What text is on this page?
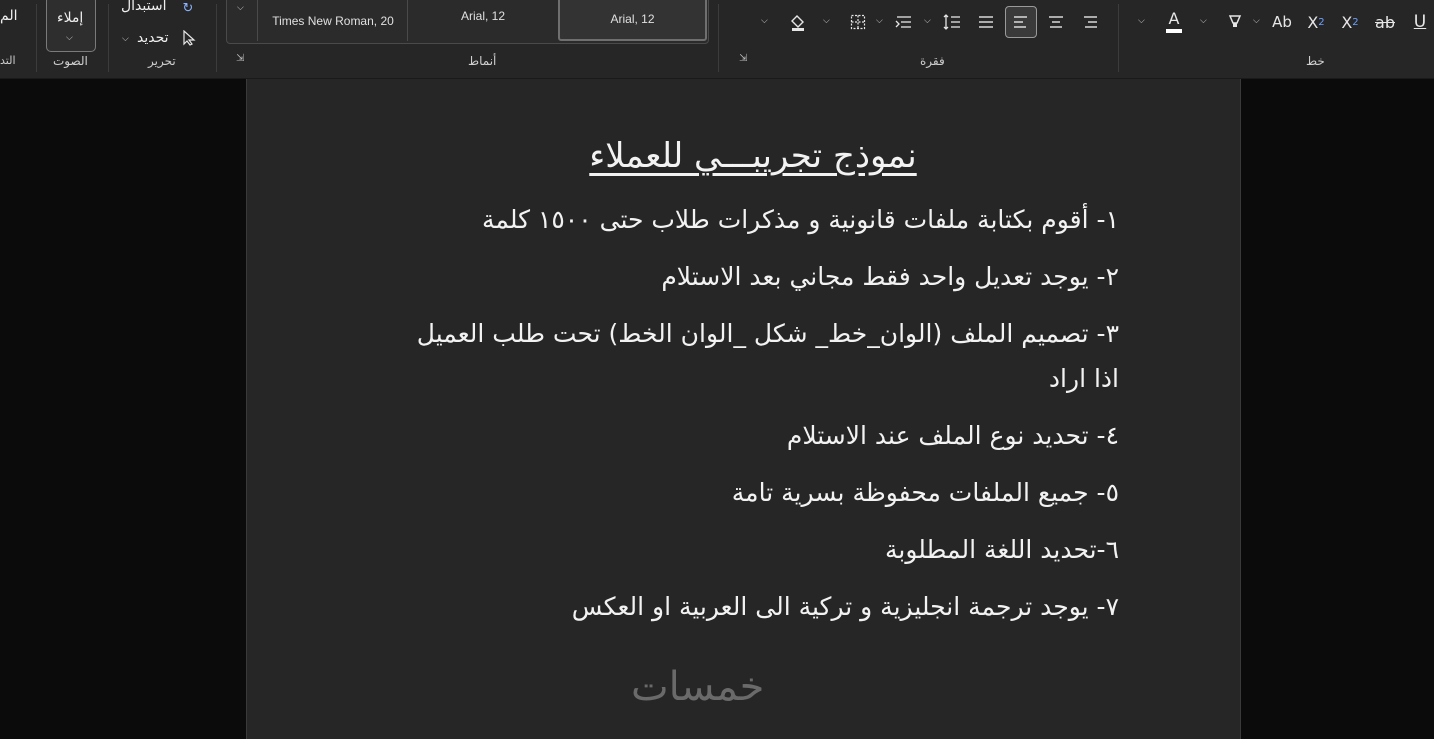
U
ab
X 2
X 2
Ab
⌵
A ⌵
⌵
خط
⌵
⌵
⌵
⌵
فقرة
⇲
Arial, 12
Arial, 12
Times New Roman, 20
⌵
أنماط
⇲
↻
استبدال
تحديد
⌵
تحرير
إملاء
⌵
الصوت
الم
التد
نموذج تجريبـــي للعملاء
١- أقوم بكتابة ملفات قانونية و مذكرات طلاب حتى ١٥٠٠ كلمة
٢- يوجد تعديل واحد فقط مجاني بعد الاستلام
٣- تصميم الملف (الوان_خط_ شكل _الوان الخط) تحت طلب العميل اذا اراد
٤- تحديد نوع الملف عند الاستلام
٥- جميع الملفات محفوظة بسرية تامة
٦-تحديد اللغة المطلوبة
٧- يوجد ترجمة انجليزية و تركية الى العربية او العكس
خمسات
